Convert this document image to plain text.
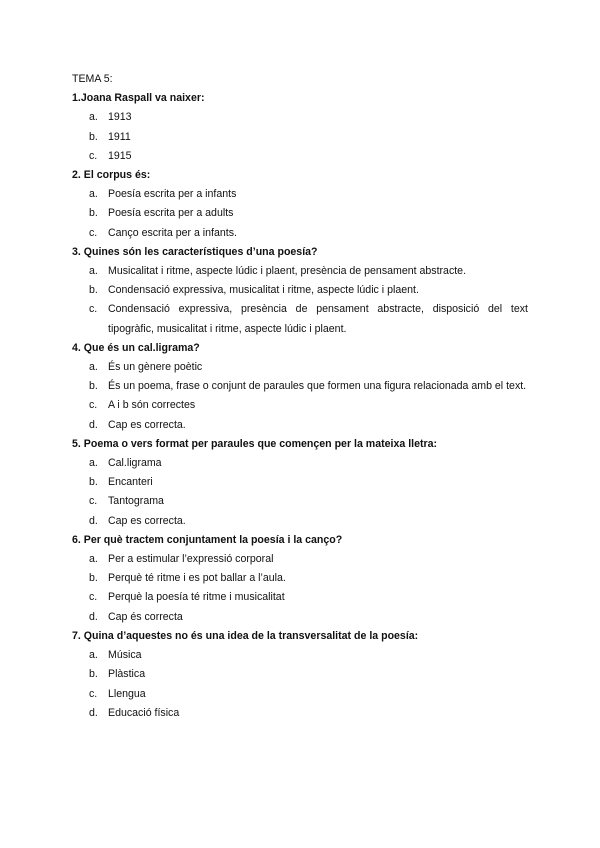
TEMA 5:

1.Joana Raspall va naixer:

a. 1913
b. 1911
c. 1915

2. El corpus és:

a. Poesía escrita per a infants
b. Poesía escrita per a adults
c. Canço escrita per a infants.

3. Quines són les característiques d’una poesía?

a. Musicalitat i ritme, aspecte lúdic i plaent, presència de pensament abstracte.
b. Condensació expressiva, musicalitat i ritme, aspecte lúdic i plaent.
c. Condensació expressiva, presència de pensament abstracte, disposició del text tipogràfic, musicalitat i ritme, aspecte lúdic i plaent.

4. Que és un cal.ligrama?

a. És un gènere poètic
b. És un poema, frase o conjunt de paraules que formen una figura relacionada amb el text.
c. A i b són correctes
d. Cap es correcta.

5. Poema o vers format per paraules que començen per la mateixa lletra:

a. Cal.ligrama
b. Encanteri
c. Tantograma
d. Cap es correcta.

6. Per què tractem conjuntament la poesía i la canço?

a. Per a estimular l’expressió corporal
b. Perquè té ritme i es pot ballar a l’aula.
c. Perquè la poesía té ritme i musicalitat
d. Cap és correcta

7. Quina d’aquestes no és una idea de la transversalitat de la poesía:

a. Música
b. Plàstica
c. Llengua
d. Educació física
